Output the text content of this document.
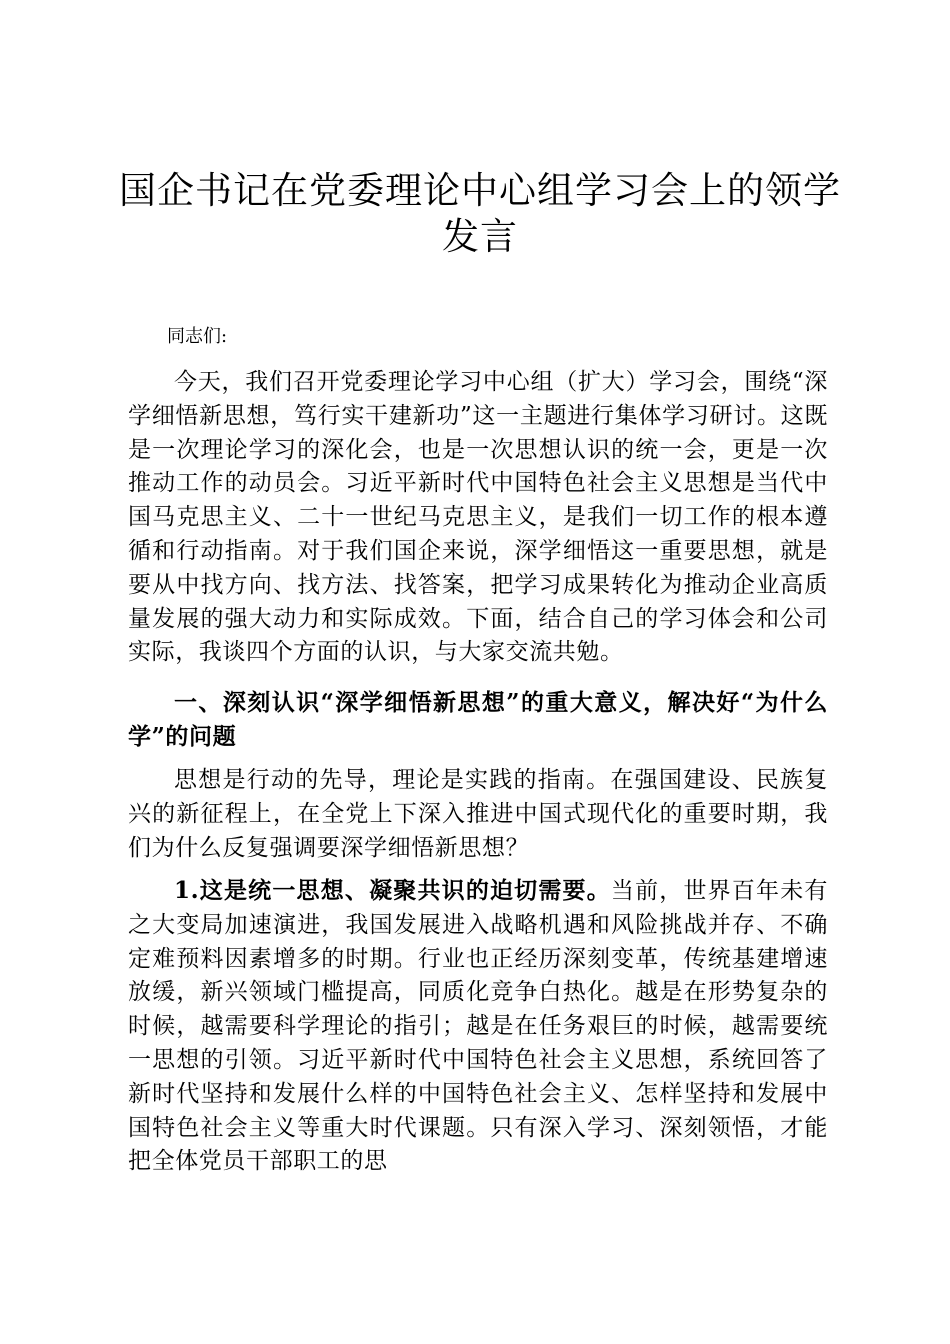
国企书记在党委理论中心组学习会上的领学发言
同志们:

今天，我们召开党委理论学习中心组（扩大）学习会，围绕“深学细悟新思想，笃行实干建新功”这一主题进行集体学习研讨。这既是一次理论学习的深化会，也是一次思想认识的统一会，更是一次推动工作的动员会。习近平新时代中国特色社会主义思想是当代中国马克思主义、二十一世纪马克思主义，是我们一切工作的根本遵循和行动指南。对于我们国企来说，深学细悟这一重要思想，就是要从中找方向、找方法、找答案，把学习成果转化为推动企业高质量发展的强大动力和实际成效。下面，结合自己的学习体会和公司实际，我谈四个方面的认识，与大家交流共勉。

一、深刻认识“深学细悟新思想”的重大意义，解决好“为什么学”的问题

思想是行动的先导，理论是实践的指南。在强国建设、民族复兴的新征程上，在全党上下深入推进中国式现代化的重要时期，我们为什么反复强调要深学细悟新思想？

1.这是统一思想、凝聚共识的迫切需要。当前，世界百年未有之大变局加速演进，我国发展进入战略机遇和风险挑战并存、不确定难预料因素增多的时期。行业也正经历深刻变革，传统基建增速放缓，新兴领域门槛提高，同质化竞争白热化。越是在形势复杂的时候，越需要科学理论的指引；越是在任务艰巨的时候，越需要统一思想的引领。习近平新时代中国特色社会主义思想，系统回答了新时代坚持和发展什么样的中国特色社会主义、怎样坚持和发展中国特色社会主义等重大时代课题。只有深入学习、深刻领悟，才能把全体党员干部职工的思
